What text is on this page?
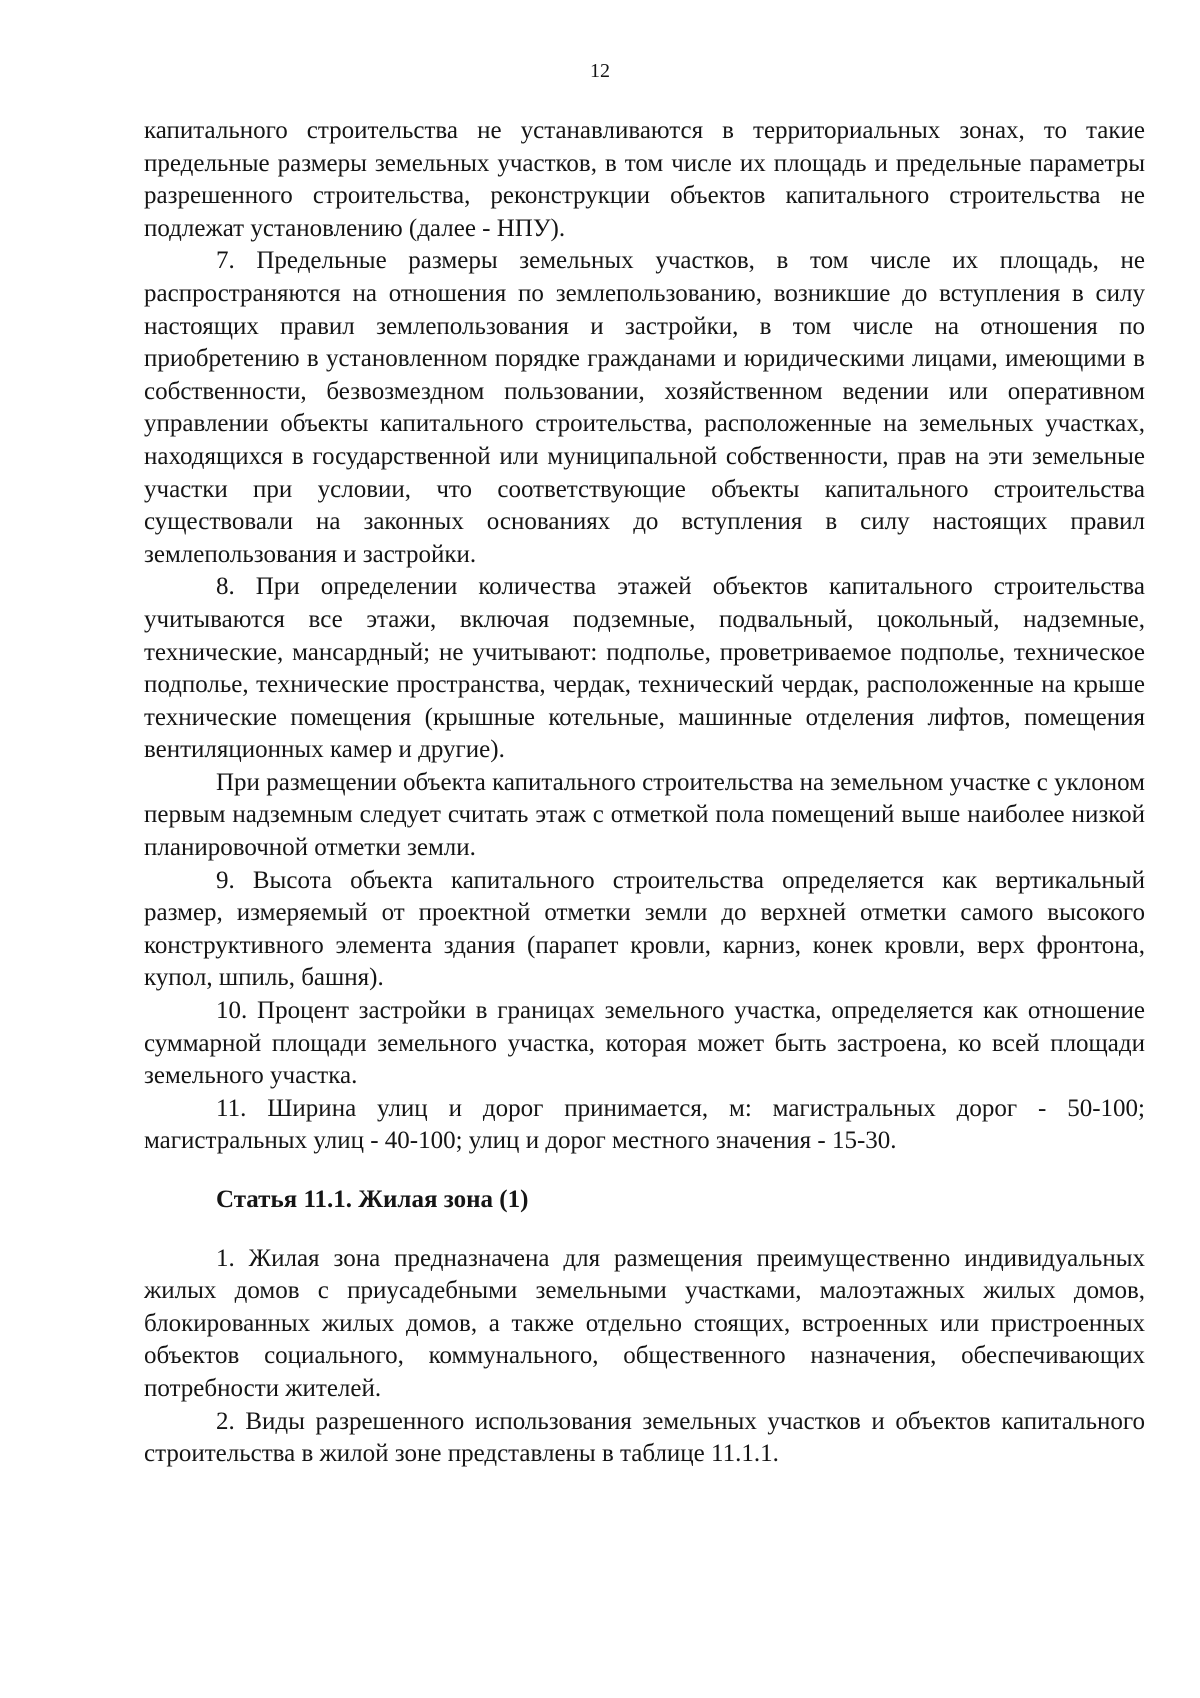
12

капитального строительства не устанавливаются в территориальных зонах, то такие предельные размеры земельных участков, в том числе их площадь и предельные параметры разрешенного строительства, реконструкции объектов капитального строительства не подлежат установлению (далее - НПУ).

7. Предельные размеры земельных участков, в том числе их площадь, не распространяются на отношения по землепользованию, возникшие до вступления в силу настоящих правил землепользования и застройки, в том числе на отношения по приобретению в установленном порядке гражданами и юридическими лицами, имеющими в собственности, безвозмездном пользовании, хозяйственном ведении или оперативном управлении объекты капитального строительства, расположенные на земельных участках, находящихся в государственной или муниципальной собственности, прав на эти земельные участки при условии, что соответствующие объекты капитального строительства существовали на законных основаниях до вступления в силу настоящих правил землепользования и застройки.

8. При определении количества этажей объектов капитального строительства учитываются все этажи, включая подземные, подвальный, цокольный, надземные, технические, мансардный; не учитывают: подполье, проветриваемое подполье, техническое подполье, технические пространства, чердак, технический чердак, расположенные на крыше технические помещения (крышные котельные, машинные отделения лифтов, помещения вентиляционных камер и другие).

При размещении объекта капитального строительства на земельном участке с уклоном первым надземным следует считать этаж с отметкой пола помещений выше наиболее низкой планировочной отметки земли.

9. Высота объекта капитального строительства определяется как вертикальный размер, измеряемый от проектной отметки земли до верхней отметки самого высокого конструктивного элемента здания (парапет кровли, карниз, конек кровли, верх фронтона, купол, шпиль, башня).

10. Процент застройки в границах земельного участка, определяется как отношение суммарной площади земельного участка, которая может быть застроена, ко всей площади земельного участка.

11. Ширина улиц и дорог принимается, м: магистральных дорог - 50-100; магистральных улиц - 40-100; улиц и дорог местного значения - 15-30.

Статья 11.1. Жилая зона (1)

1. Жилая зона предназначена для размещения преимущественно индивидуальных жилых домов с приусадебными земельными участками, малоэтажных жилых домов, блокированных жилых домов, а также отдельно стоящих, встроенных или пристроенных объектов социального, коммунального, общественного назначения, обеспечивающих потребности жителей.

2. Виды разрешенного использования земельных участков и объектов капитального строительства в жилой зоне представлены в таблице 11.1.1.
